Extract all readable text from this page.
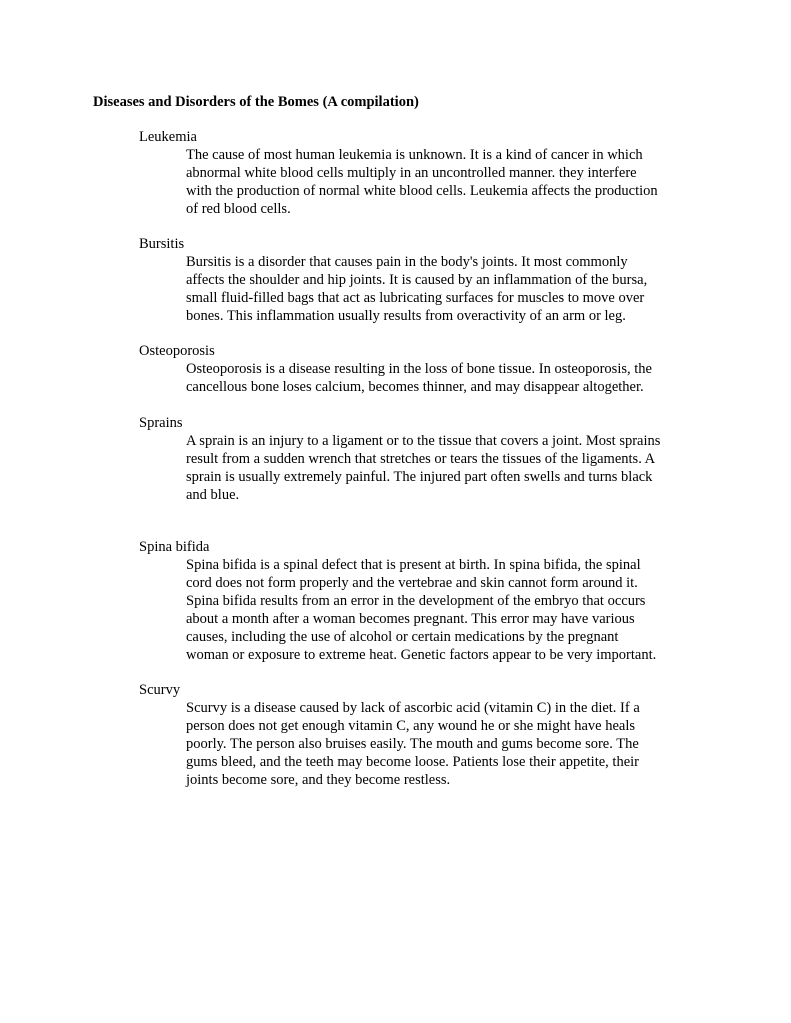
Diseases and Disorders of the Bomes (A compilation)
Leukemia
The cause of most human leukemia is unknown. It is a kind of cancer in which
abnormal white blood cells multiply in an uncontrolled manner. they interfere
with the production of normal white blood cells. Leukemia affects the production
of red blood cells.
Bursitis
Bursitis is a disorder that causes pain in the body's joints. It most commonly
affects the shoulder and hip joints. It is caused by an inflammation of the bursa,
small fluid-filled bags that act as lubricating surfaces for muscles to move over
bones. This inflammation usually results from overactivity of an arm or leg.
Osteoporosis
Osteoporosis is a disease resulting in the loss of bone tissue. In osteoporosis, the
cancellous bone loses calcium, becomes thinner, and may disappear altogether.
Sprains
A sprain is an injury to a ligament or to the tissue that covers a joint. Most sprains
result from a sudden wrench that stretches or tears the tissues of the ligaments. A
sprain is usually extremely painful. The injured part often swells and turns black
and blue.
Spina bifida
Spina bifida is a spinal defect that is present at birth. In spina bifida, the spinal
cord does not form properly and the vertebrae and skin cannot form around it.
Spina bifida results from an error in the development of the embryo that occurs
about a month after a woman becomes pregnant. This error may have various
causes, including the use of alcohol or certain medications by the pregnant
woman or exposure to extreme heat. Genetic factors appear to be very important.
Scurvy
Scurvy is a disease caused by lack of ascorbic acid (vitamin C) in the diet. If a
person does not get enough vitamin C, any wound he or she might have heals
poorly. The person also bruises easily. The mouth and gums become sore. The
gums bleed, and the teeth may become loose. Patients lose their appetite, their
joints become sore, and they become restless.
